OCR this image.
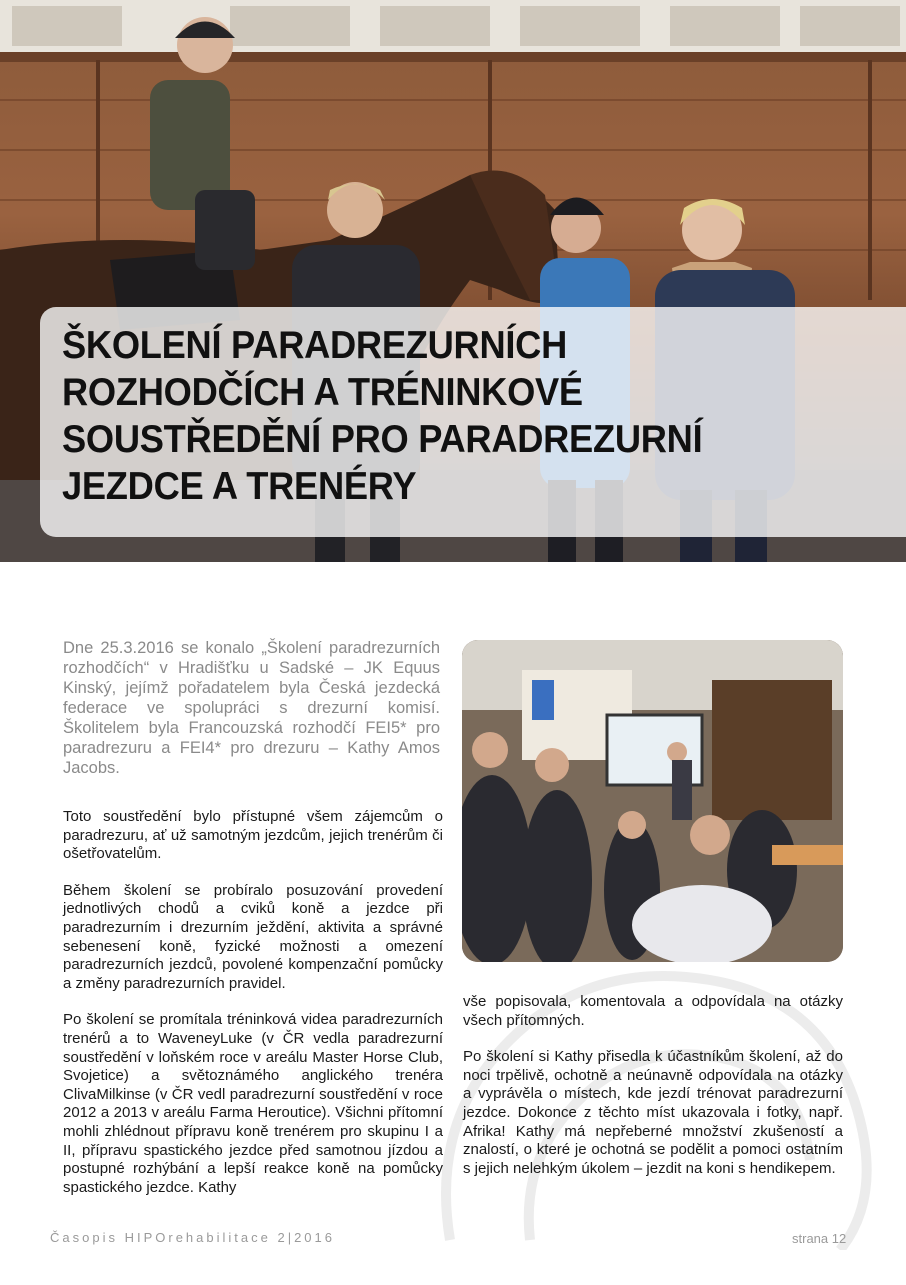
ŠKOLENÍ PARADREZURNÍCH
ROZHODČÍCH A TRÉNINKOVÉ
SOUSTŘEDĚNÍ PRO PARADREZURNÍ
JEZDCE A TRENÉRY
Dne 25.3.2016 se konalo „Školení paradrezurních rozhodčích“ v Hradišťku u Sadské – JK Equus Kinský, jejímž pořadatelem byla Česká jezdecká federace ve spolupráci s drezurní komisí. Školitelem byla Francouzská rozhodčí FEI5* pro paradrezuru a FEI4* pro drezuru – Kathy Amos Jacobs.

Toto soustředění bylo přístupné všem zájemcům o paradrezuru, ať už samotným jezdcům, jejich trenérům či ošetřovatelům.

Během školení se probíralo posuzování provedení jednotlivých chodů a cviků koně a jezdce při paradrezurním i drezurním ježdění, aktivita a správné sebenesení koně, fyzické možnosti a omezení paradrezurních jezdců, povolené kompenzační pomůcky a změny paradrezurních pravidel.

Po školení se promítala tréninková videa paradrezurních trenérů a to WaveneyLuke (v ČR vedla paradrezurní soustředění v loňském roce v areálu Master Horse Club, Svojetice) a světoznámého anglického trenéra ClivaMilkinse (v ČR vedl paradrezurní soustředění v roce 2012 a 2013 v areálu Farma Heroutice). Všichni přítomní mohli zhlédnout přípravu koně trenérem pro skupinu I a II, přípravu spastického jezdce před samotnou jízdou a postupné rozhýbání a lepší reakce koně na pomůcky spastického jezdce. Kathy

vše popisovala, komentovala a odpovídala na otázky všech přítomných.

Po školení si Kathy přisedla k účastníkům školení, až do noci trpělivě, ochotně a neúnavně odpovídala na otázky a vyprávěla o místech, kde jezdí trénovat paradrezurní jezdce. Dokonce z těchto míst ukazovala i fotky, např. Afrika! Kathy má nepřeberné množství zkušeností a znalostí, o které je ochotná se podělit a pomoci ostatním s jejich nelehkým úkolem – jezdit na koni s hendikepem.

Časopis HIPOrehabilitace 2|2016	strana 12
